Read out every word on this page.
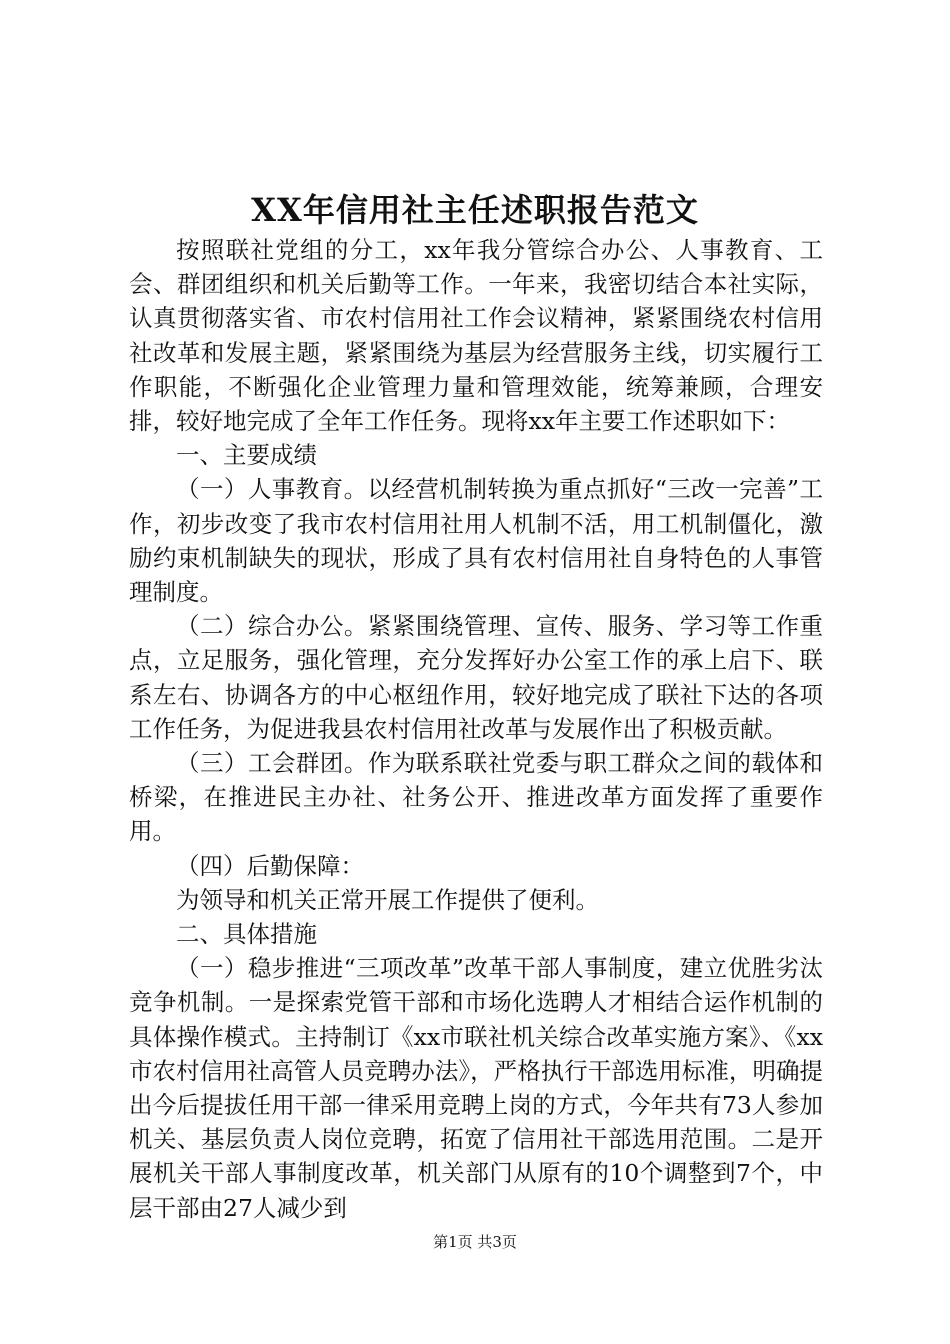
XX年信用社主任述职报告范文

按照联社党组的分工，xx年我分管综合办公、人事教育、工会、群团组织和机关后勤等工作。一年来，我密切结合本社实际，认真贯彻落实省、市农村信用社工作会议精神，紧紧围绕农村信用社改革和发展主题，紧紧围绕为基层为经营服务主线，切实履行工作职能，不断强化企业管理力量和管理效能，统筹兼顾，合理安排，较好地完成了全年工作任务。现将xx年主要工作述职如下：

一、主要成绩

（一）人事教育。以经营机制转换为重点抓好“三改一完善”工作，初步改变了我市农村信用社用人机制不活，用工机制僵化，激励约束机制缺失的现状，形成了具有农村信用社自身特色的人事管理制度。

（二）综合办公。紧紧围绕管理、宣传、服务、学习等工作重点，立足服务，强化管理，充分发挥好办公室工作的承上启下、联系左右、协调各方的中心枢纽作用，较好地完成了联社下达的各项工作任务，为促进我县农村信用社改革与发展作出了积极贡献。

（三）工会群团。作为联系联社党委与职工群众之间的载体和桥梁，在推进民主办社、社务公开、推进改革方面发挥了重要作用。

（四）后勤保障：

为领导和机关正常开展工作提供了便利。

二、具体措施

（一）稳步推进“三项改革”改革干部人事制度，建立优胜劣汰竞争机制。一是探索党管干部和市场化选聘人才相结合运作机制的具体操作模式。主持制订《xx市联社机关综合改革实施方案》、《xx市农村信用社高管人员竞聘办法》，严格执行干部选用标准，明确提出今后提拔任用干部一律采用竞聘上岗的方式，今年共有73人参加机关、基层负责人岗位竞聘，拓宽了信用社干部选用范围。二是开展机关干部人事制度改革，机关部门从原有的10个调整到7个，中层干部由27人减少到

第1页 共3页
